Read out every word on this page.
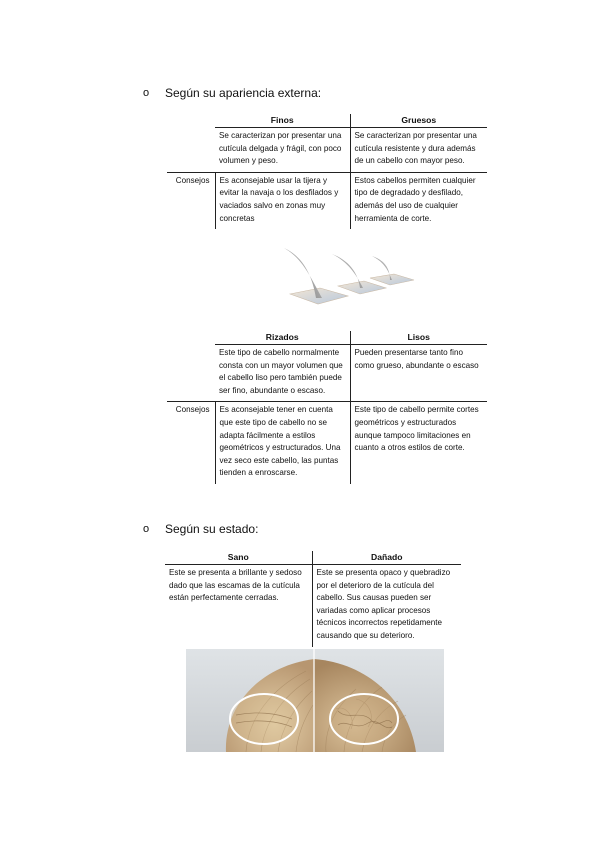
o	Según su apariencia externa:
	Finos	Gruesos
	Se caracterizan por presentar una cutícula delgada y frágil, con poco volumen y peso.	Se caracterizan por presentar una cutícula resistente y dura además de un cabello con mayor peso.
Consejos	Es aconsejable usar la tijera y evitar la navaja o los desfilados y vaciados salvo en zonas muy concretas	Estos cabellos permiten cualquier tipo de degradado y desfilado, además del uso de cualquier herramienta de corte.
	Rizados	Lisos
	Este tipo de cabello normalmente consta con un mayor volumen que el cabello liso pero también puede ser fino, abundante o escaso.	Pueden presentarse tanto fino como grueso, abundante o escaso
Consejos	Es aconsejable tener en cuenta que este tipo de cabello no se adapta fácilmente a estilos geométricos y estructurados. Una vez seco este cabello, las puntas tienden a enroscarse.	Este tipo de cabello permite cortes geométricos y estructurados aunque tampoco limitaciones en cuanto a otros estilos de corte.
o	Según su estado:
Sano	Dañado
Este se presenta a brillante y sedoso dado que las escamas de la cutícula están perfectamente cerradas.	Este se presenta opaco y quebradizo por el deterioro de la cutícula del cabello. Sus causas pueden ser variadas como aplicar procesos técnicos incorrectos repetidamente causando que su deterioro.
